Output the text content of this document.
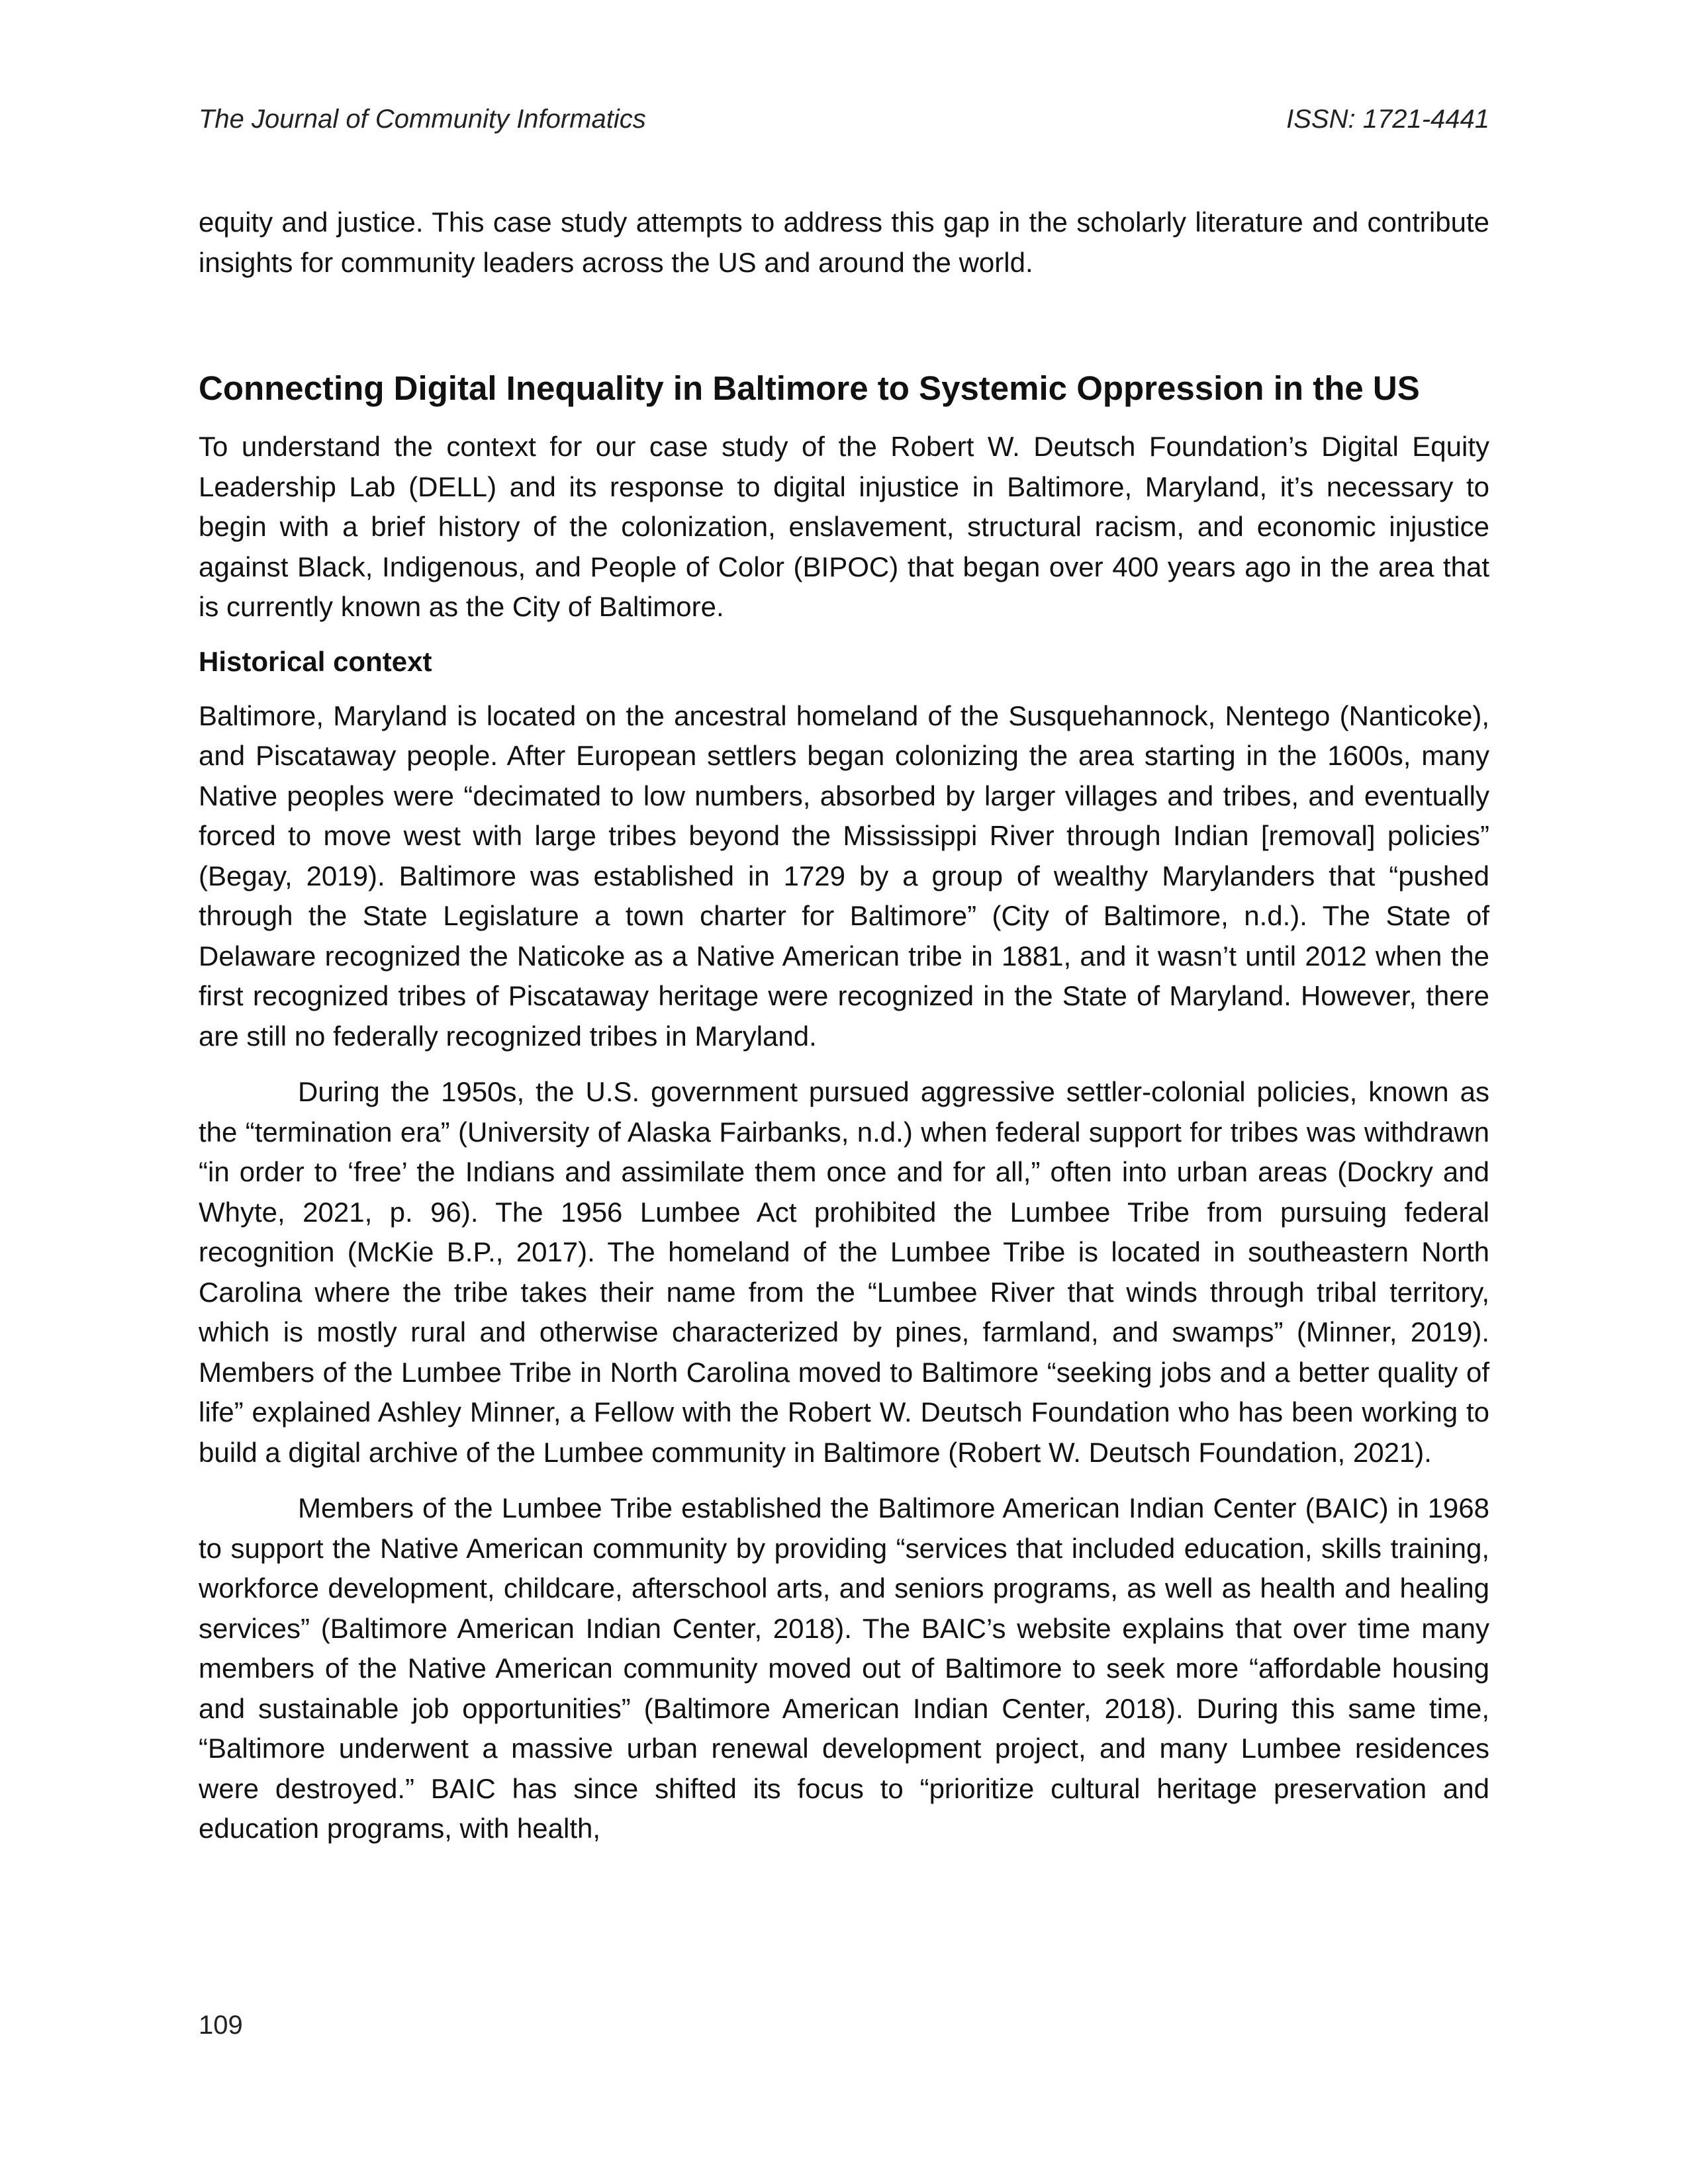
The Journal of Community Informatics	ISSN: 1721-4441

equity and justice. This case study attempts to address this gap in the scholarly literature and contribute insights for community leaders across the US and around the world.

Connecting Digital Inequality in Baltimore to Systemic Oppression in the US

To understand the context for our case study of the Robert W. Deutsch Foundation’s Digital Equity Leadership Lab (DELL) and its response to digital injustice in Baltimore, Maryland, it’s necessary to begin with a brief history of the colonization, enslavement, structural racism, and economic injustice against Black, Indigenous, and People of Color (BIPOC) that began over 400 years ago in the area that is currently known as the City of Baltimore.

Historical context

Baltimore, Maryland is located on the ancestral homeland of the Susquehannock, Nentego (Nanticoke), and Piscataway people. After European settlers began colonizing the area starting in the 1600s, many Native peoples were “decimated to low numbers, absorbed by larger villages and tribes, and eventually forced to move west with large tribes beyond the Mississippi River through Indian [removal] policies” (Begay, 2019). Baltimore was established in 1729 by a group of wealthy Marylanders that “pushed through the State Legislature a town charter for Baltimore” (City of Baltimore, n.d.). The State of Delaware recognized the Naticoke as a Native American tribe in 1881, and it wasn’t until 2012 when the first recognized tribes of Piscataway heritage were recognized in the State of Maryland. However, there are still no federally recognized tribes in Maryland.

During the 1950s, the U.S. government pursued aggressive settler-colonial policies, known as the “termination era” (University of Alaska Fairbanks, n.d.) when federal support for tribes was withdrawn “in order to ‘free’ the Indians and assimilate them once and for all,” often into urban areas (Dockry and Whyte, 2021, p. 96). The 1956 Lumbee Act prohibited the Lumbee Tribe from pursuing federal recognition (McKie B.P., 2017). The homeland of the Lumbee Tribe is located in southeastern North Carolina where the tribe takes their name from the “Lumbee River that winds through tribal territory, which is mostly rural and otherwise characterized by pines, farmland, and swamps” (Minner, 2019). Members of the Lumbee Tribe in North Carolina moved to Baltimore “seeking jobs and a better quality of life” explained Ashley Minner, a Fellow with the Robert W. Deutsch Foundation who has been working to build a digital archive of the Lumbee community in Baltimore (Robert W. Deutsch Foundation, 2021).

Members of the Lumbee Tribe established the Baltimore American Indian Center (BAIC) in 1968 to support the Native American community by providing “services that included education, skills training, workforce development, childcare, afterschool arts, and seniors programs, as well as health and healing services” (Baltimore American Indian Center, 2018). The BAIC’s website explains that over time many members of the Native American community moved out of Baltimore to seek more “affordable housing and sustainable job opportunities” (Baltimore American Indian Center, 2018). During this same time, “Baltimore underwent a massive urban renewal development project, and many Lumbee residences were destroyed.” BAIC has since shifted its focus to “prioritize cultural heritage preservation and education programs, with health,

109
